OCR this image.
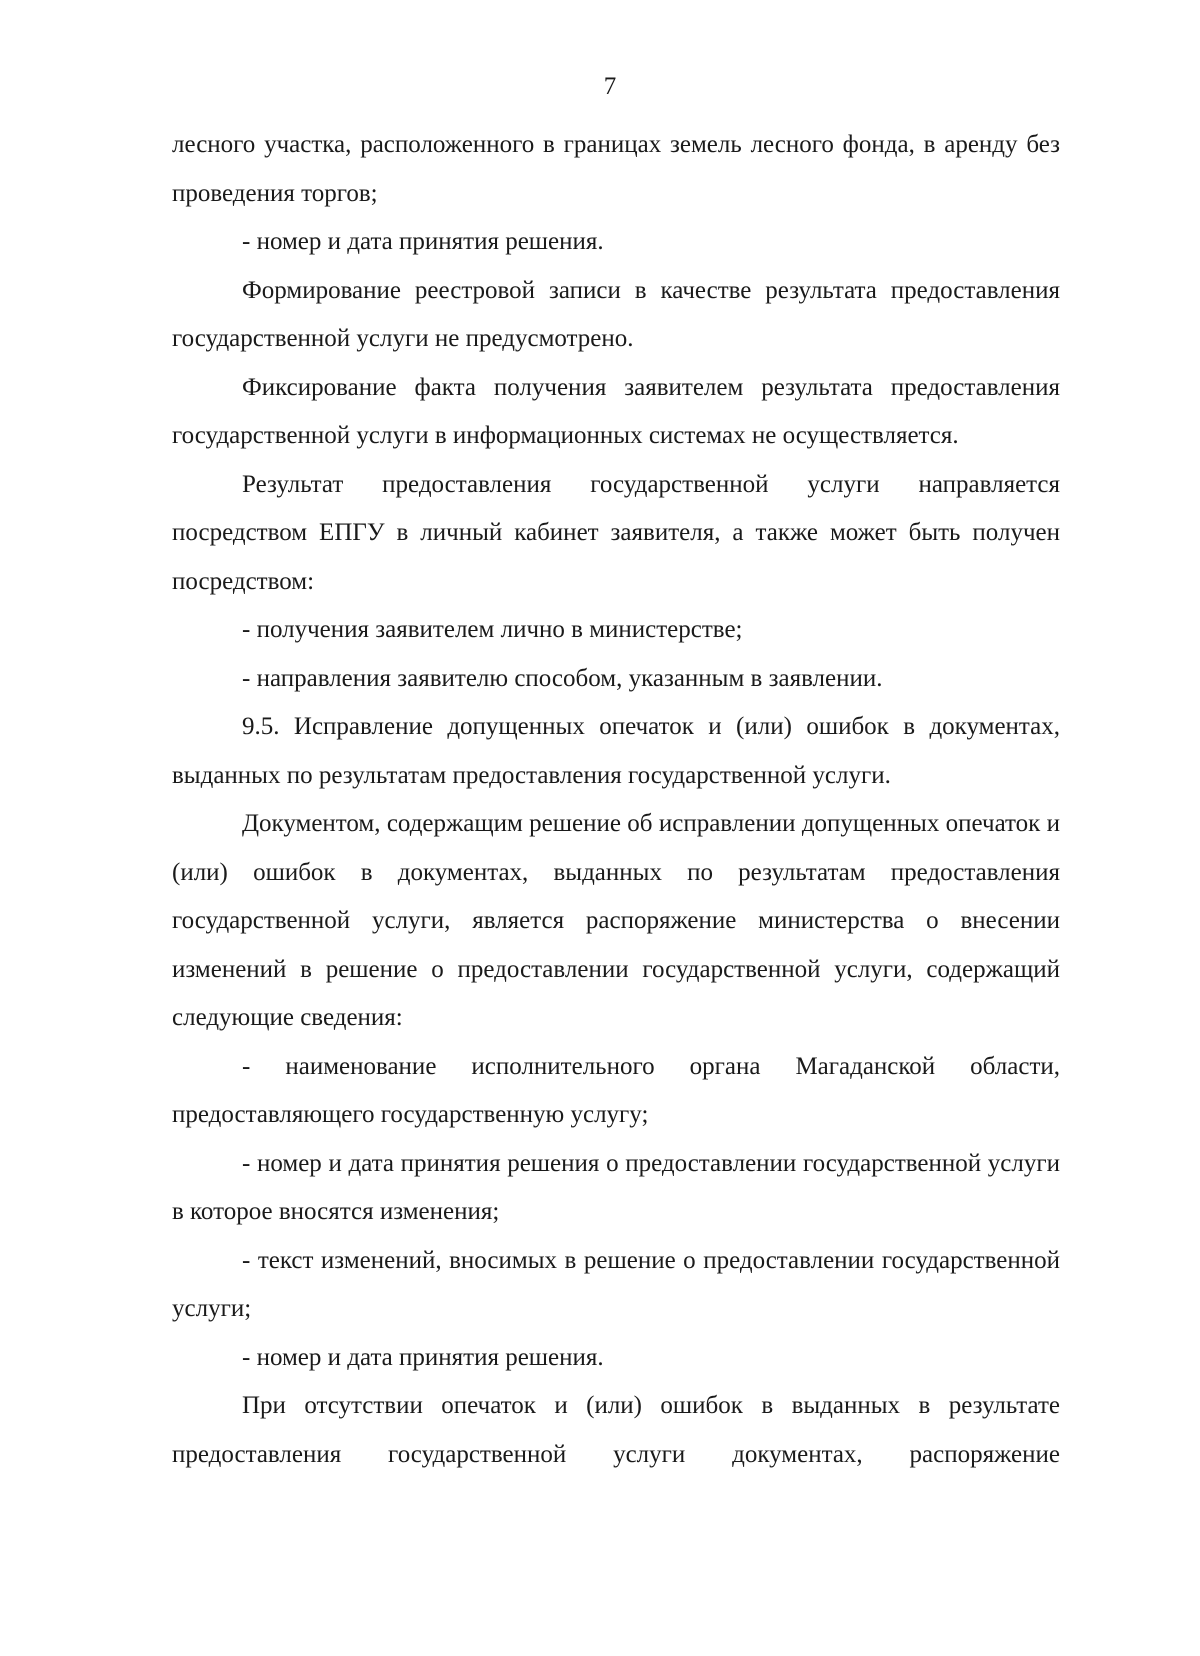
7

лесного участка, расположенного в границах земель лесного фонда, в аренду без проведения торгов;

- номер и дата принятия решения.

Формирование реестровой записи в качестве результата предоставления государственной услуги не предусмотрено.

Фиксирование факта получения заявителем результата предоставления государственной услуги в информационных системах не осуществляется.

Результат предоставления государственной услуги направляется посредством ЕПГУ в личный кабинет заявителя, а также может быть получен посредством:

- получения заявителем лично в министерстве;

- направления заявителю способом, указанным в заявлении.

9.5. Исправление допущенных опечаток и (или) ошибок в документах, выданных по результатам предоставления государственной услуги.

Документом, содержащим решение об исправлении допущенных опечаток и (или) ошибок в документах, выданных по результатам предоставления государственной услуги, является распоряжение министерства о внесении изменений в решение о предоставлении государственной услуги, содержащий следующие сведения:

- наименование исполнительного органа Магаданской области, предоставляющего государственную услугу;

- номер и дата принятия решения о предоставлении государственной услуги в которое вносятся изменения;

- текст изменений, вносимых в решение о предоставлении государственной услуги;

- номер и дата принятия решения.

При отсутствии опечаток и (или) ошибок в выданных в результате предоставления государственной услуги документах, распоряжение
